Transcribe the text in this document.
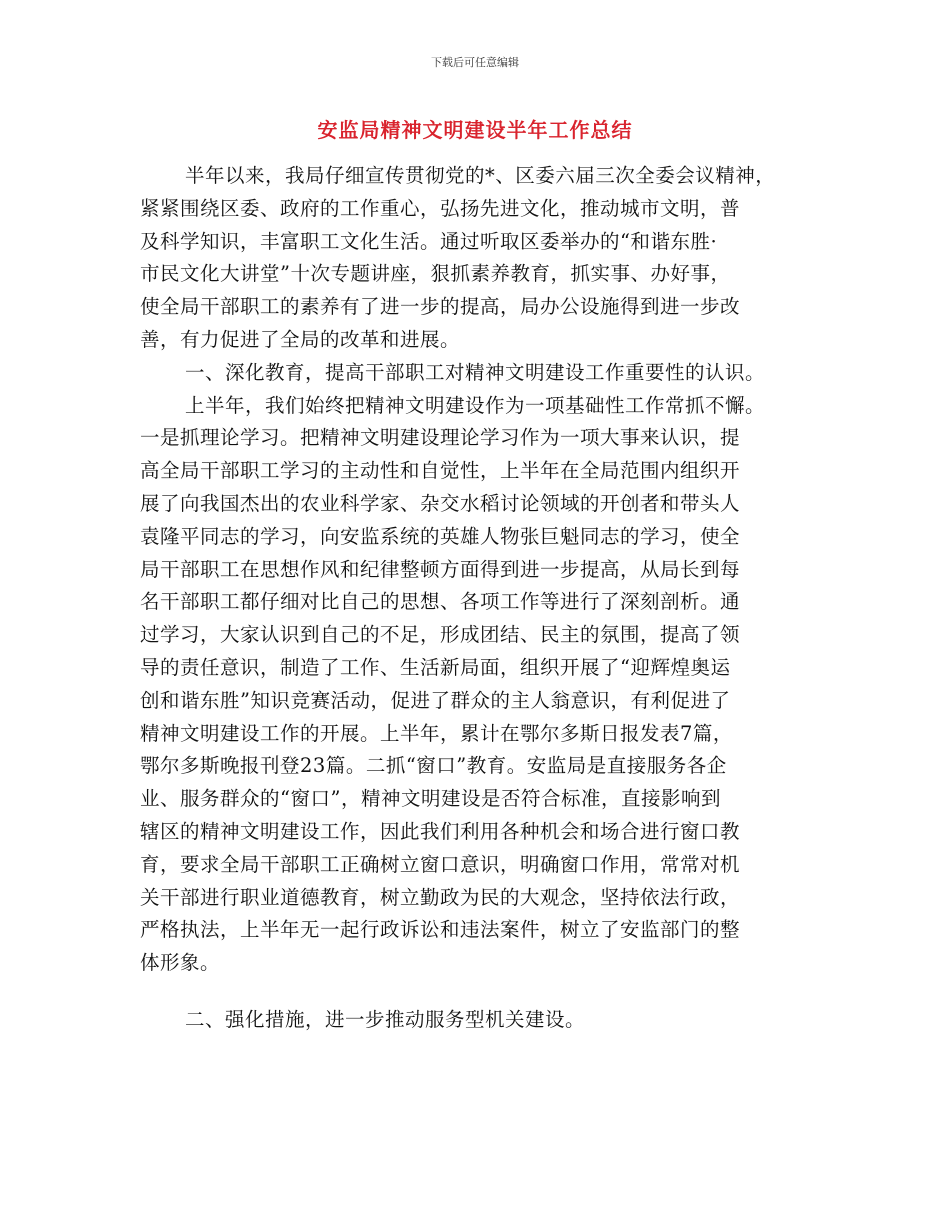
下载后可任意编辑
安监局精神文明建设半年工作总结
半年以来，我局仔细宣传贯彻党的*、区委六届三次全委会议精神，
紧紧围绕区委、政府的工作重心，弘扬先进文化，推动城市文明，普
及科学知识，丰富职工文化生活。通过听取区委举办的“和谐东胜·
市民文化大讲堂”十次专题讲座，狠抓素养教育，抓实事、办好事，
使全局干部职工的素养有了进一步的提高，局办公设施得到进一步改
善，有力促进了全局的改革和进展。
一、深化教育，提高干部职工对精神文明建设工作重要性的认识。
上半年，我们始终把精神文明建设作为一项基础性工作常抓不懈。
一是抓理论学习。把精神文明建设理论学习作为一项大事来认识，提
高全局干部职工学习的主动性和自觉性，上半年在全局范围内组织开
展了向我国杰出的农业科学家、杂交水稻讨论领域的开创者和带头人
袁隆平同志的学习，向安监系统的英雄人物张巨魁同志的学习，使全
局干部职工在思想作风和纪律整顿方面得到进一步提高，从局长到每
名干部职工都仔细对比自己的思想、各项工作等进行了深刻剖析。通
过学习，大家认识到自己的不足，形成团结、民主的氛围，提高了领
导的责任意识，制造了工作、生活新局面，组织开展了“迎辉煌奥运
创和谐东胜”知识竞赛活动，促进了群众的主人翁意识，有利促进了
精神文明建设工作的开展。上半年，累计在鄂尔多斯日报发表7篇，
鄂尔多斯晚报刊登23篇。二抓“窗口”教育。安监局是直接服务各企
业、服务群众的“窗口”，精神文明建设是否符合标准，直接影响到
辖区的精神文明建设工作，因此我们利用各种机会和场合进行窗口教
育，要求全局干部职工正确树立窗口意识，明确窗口作用，常常对机
关干部进行职业道德教育，树立勤政为民的大观念，坚持依法行政，
严格执法，上半年无一起行政诉讼和违法案件，树立了安监部门的整
体形象。
二、强化措施，进一步推动服务型机关建设。
